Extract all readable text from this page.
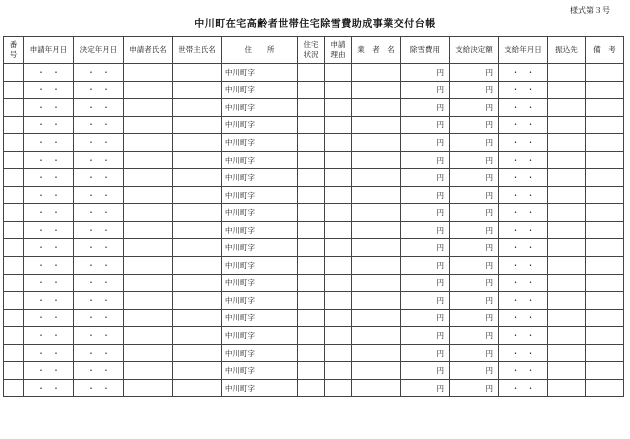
様式第３号
中川町在宅高齢者世帯住宅除雪費助成事業交付台帳
番号	申請年月日	決定年月日	申請者氏名	世帯主氏名	住　　所	住宅状況	申請理由	業　者　名	除雪費用	支給決定額	支給年月日	振込先	備　考
	・　・	・　・			中川町字				円	円	・　・		
	・　・	・　・			中川町字				円	円	・　・		
	・　・	・　・			中川町字				円	円	・　・		
	・　・	・　・			中川町字				円	円	・　・		
	・　・	・　・			中川町字				円	円	・　・		
	・　・	・　・			中川町字				円	円	・　・		
	・　・	・　・			中川町字				円	円	・　・		
	・　・	・　・			中川町字				円	円	・　・		
	・　・	・　・			中川町字				円	円	・　・		
	・　・	・　・			中川町字				円	円	・　・		
	・　・	・　・			中川町字				円	円	・　・		
	・　・	・　・			中川町字				円	円	・　・		
	・　・	・　・			中川町字				円	円	・　・		
	・　・	・　・			中川町字				円	円	・　・		
	・　・	・　・			中川町字				円	円	・　・		
	・　・	・　・			中川町字				円	円	・　・		
	・　・	・　・			中川町字				円	円	・　・		
	・　・	・　・			中川町字				円	円	・　・		
	・　・	・　・			中川町字				円	円	・　・		
